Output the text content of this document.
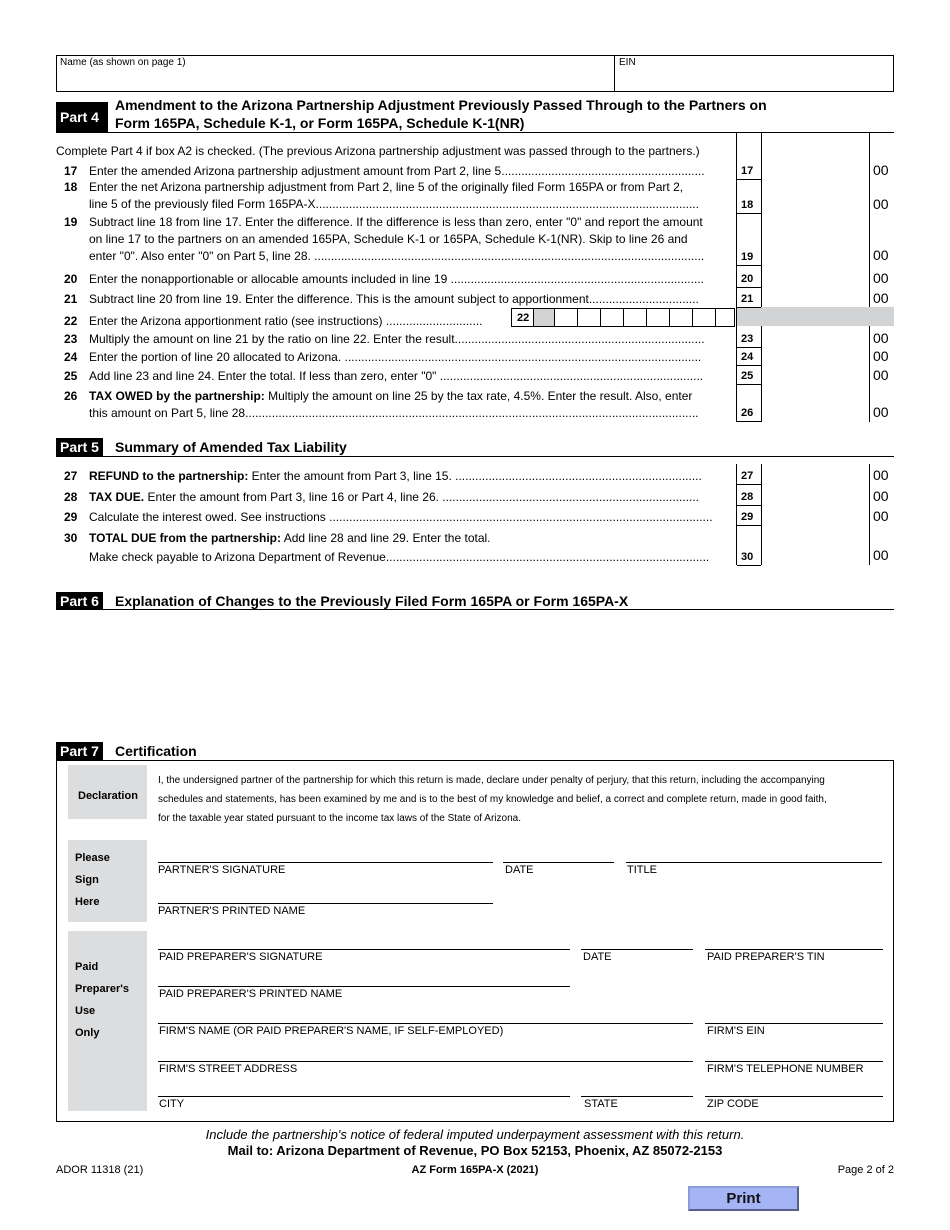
Name (as shown on page 1)	EIN
Part 4
Amendment to the Arizona Partnership Adjustment Previously Passed Through to the Partners on
Form 165PA, Schedule K-1, or Form 165PA, Schedule K-1(NR)
Complete Part 4 if box A2 is checked. (The previous Arizona partnership adjustment was passed through to the partners.)
17 Enter the amended Arizona partnership adjustment amount from Part 2, line 5.............................................................	17	00
18 Enter the net Arizona partnership adjustment from Part 2, line 5 of the originally filed Form 165PA or from Part 2,
line 5 of the previously filed Form 165PA-X...................................................................................................................	18	00
19 Subtract line 18 from line 17. Enter the difference. If the difference is less than zero, enter "0" and report the amount
on line 17 to the partners on an amended 165PA, Schedule K-1 or 165PA, Schedule K-1(NR). Skip to line 26 and
enter "0". Also enter "0" on Part 5, line 28. .....................................................................................................................	19	00
20 Enter the nonapportionable or allocable amounts included in line 19 ............................................................................	20	00
21 Subtract line 20 from line 19. Enter the difference. This is the amount subject to apportionment.................................	21	00
22 Enter the Arizona apportionment ratio (see instructions) .............................	22
23 Multiply the amount on line 21 by the ratio on line 22. Enter the result...........................................................................	23	00
24 Enter the portion of line 20 allocated to Arizona. ...........................................................................................................	24	00
25 Add line 23 and line 24. Enter the total. If less than zero, enter "0" ...............................................................................	25	00
26 TAX OWED by the partnership: Multiply the amount on line 25 by the tax rate, 4.5%. Enter the result. Also, enter
this amount on Part 5, line 28........................................................................................................................................	26	00
Part 5 Summary of Amended Tax Liability
27 REFUND to the partnership: Enter the amount from Part 3, line 15. ..........................................................................	27	00
28 TAX DUE. Enter the amount from Part 3, line 16 or Part 4, line 26. .............................................................................	28	00
29 Calculate the interest owed. See instructions ...................................................................................................................	29	00
30 TOTAL DUE from the partnership: Add line 28 and line 29. Enter the total.
Make check payable to Arizona Department of Revenue.................................................................................................	30	00
Part 6 Explanation of Changes to the Previously Filed Form 165PA or Form 165PA-X
Part 7 Certification
Declaration
I, the undersigned partner of the partnership for which this return is made, declare under penalty of perjury, that this return, including the accompanying
schedules and statements, has been examined by me and is to the best of my knowledge and belief, a correct and complete return, made in good faith,
for the taxable year stated pursuant to the income tax laws of the State of Arizona.
Please
Sign
Here
PARTNER'S SIGNATURE	DATE	TITLE
PARTNER'S PRINTED NAME
Paid
Preparer's
Use
Only
PAID PREPARER'S SIGNATURE	DATE	PAID PREPARER'S TIN
PAID PREPARER'S PRINTED NAME
FIRM'S NAME (OR PAID PREPARER'S NAME, IF SELF-EMPLOYED)	FIRM'S EIN
FIRM'S STREET ADDRESS	FIRM'S TELEPHONE NUMBER
CITY	STATE	ZIP CODE
Include the partnership's notice of federal imputed underpayment assessment with this return.
Mail to: Arizona Department of Revenue, PO Box 52153, Phoenix, AZ 85072-2153
ADOR 11318 (21)	AZ Form 165PA-X (2021)	Page 2 of 2
Print
